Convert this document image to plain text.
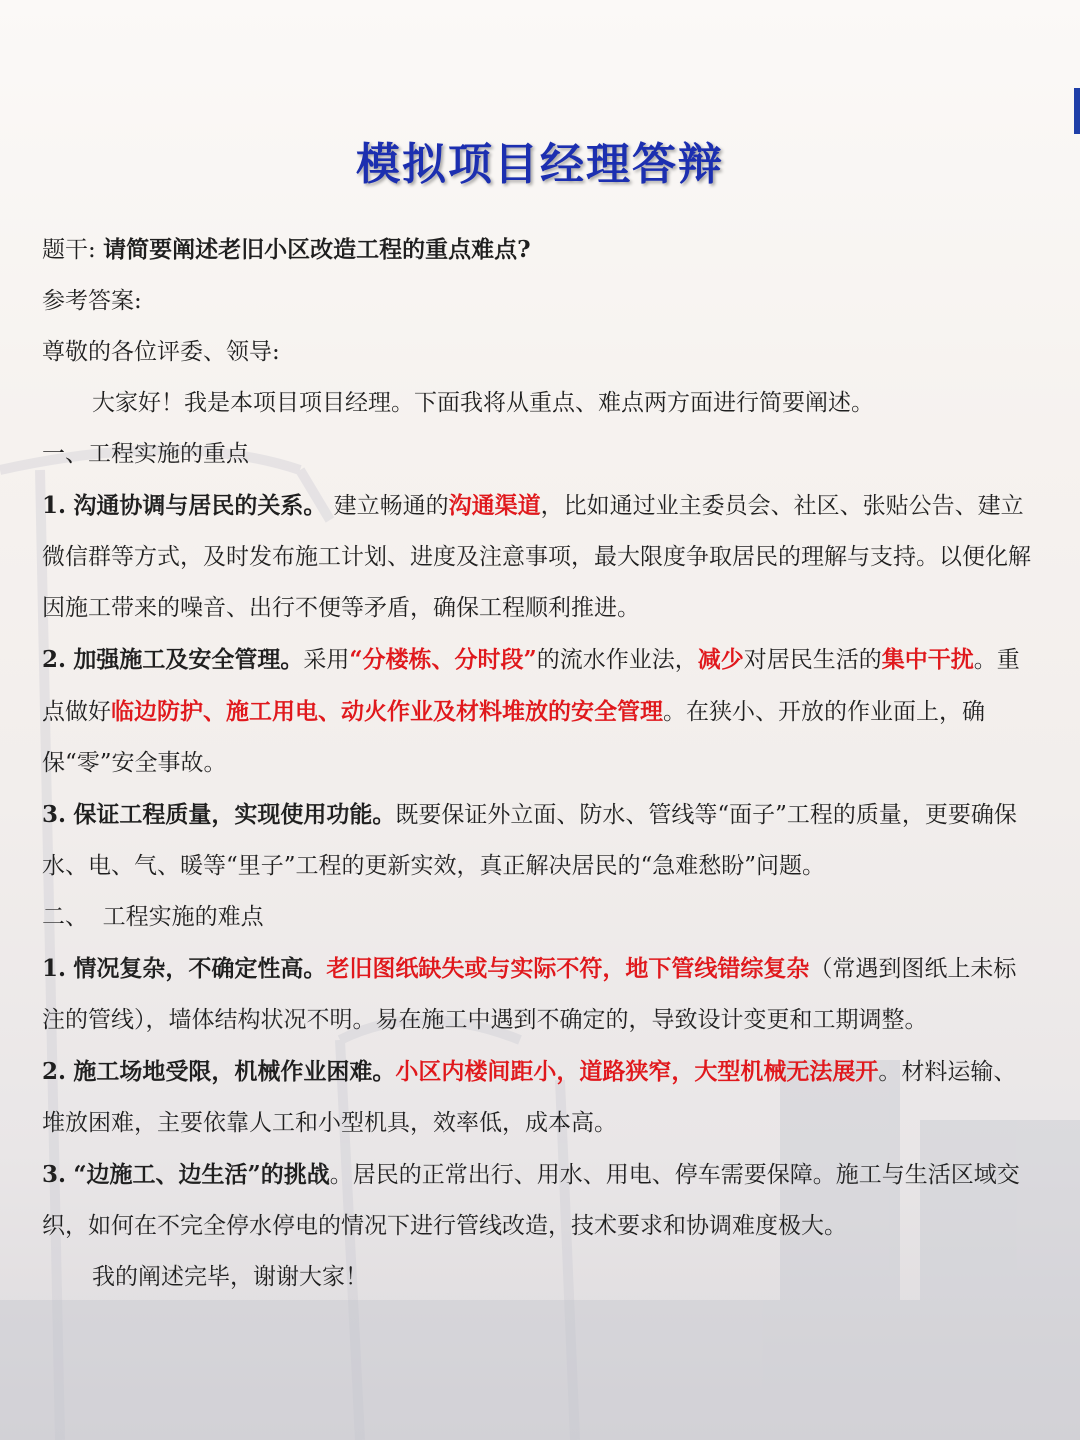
模拟项目经理答辩

题干: 请简要阐述老旧小区改造工程的重点难点?

参考答案:

尊敬的各位评委、领导:

大家好！我是本项目项目经理。下面我将从重点、难点两方面进行简要阐述。

一、工程实施的重点

1. 沟通协调与居民的关系。 建立畅通的沟通渠道，比如通过业主委员会、社区、张贴公告、建立微信群等方式，及时发布施工计划、进度及注意事项，最大限度争取居民的理解与支持。以便化解因施工带来的噪音、出行不便等矛盾，确保工程顺利推进。

2. 加强施工及安全管理。采用“分楼栋、分时段”的流水作业法，减少对居民生活的集中干扰。重点做好临边防护、施工用电、动火作业及材料堆放的安全管理。在狭小、开放的作业面上，确保“零”安全事故。

3. 保证工程质量，实现使用功能。既要保证外立面、防水、管线等“面子”工程的质量，更要确保水、电、气、暖等“里子”工程的更新实效，真正解决居民的“急难愁盼”问题。

二、  工程实施的难点

1. 情况复杂，不确定性高。老旧图纸缺失或与实际不符，地下管线错综复杂（常遇到图纸上未标注的管线），墙体结构状况不明。易在施工中遇到不确定的，导致设计变更和工期调整。

2. 施工场地受限，机械作业困难。小区内楼间距小，道路狭窄，大型机械无法展开。材料运输、堆放困难，主要依靠人工和小型机具，效率低，成本高。

3. “边施工、边生活”的挑战。居民的正常出行、用水、用电、停车需要保障。施工与生活区域交织，如何在不完全停水停电的情况下进行管线改造，技术要求和协调难度极大。

我的阐述完毕，谢谢大家！
